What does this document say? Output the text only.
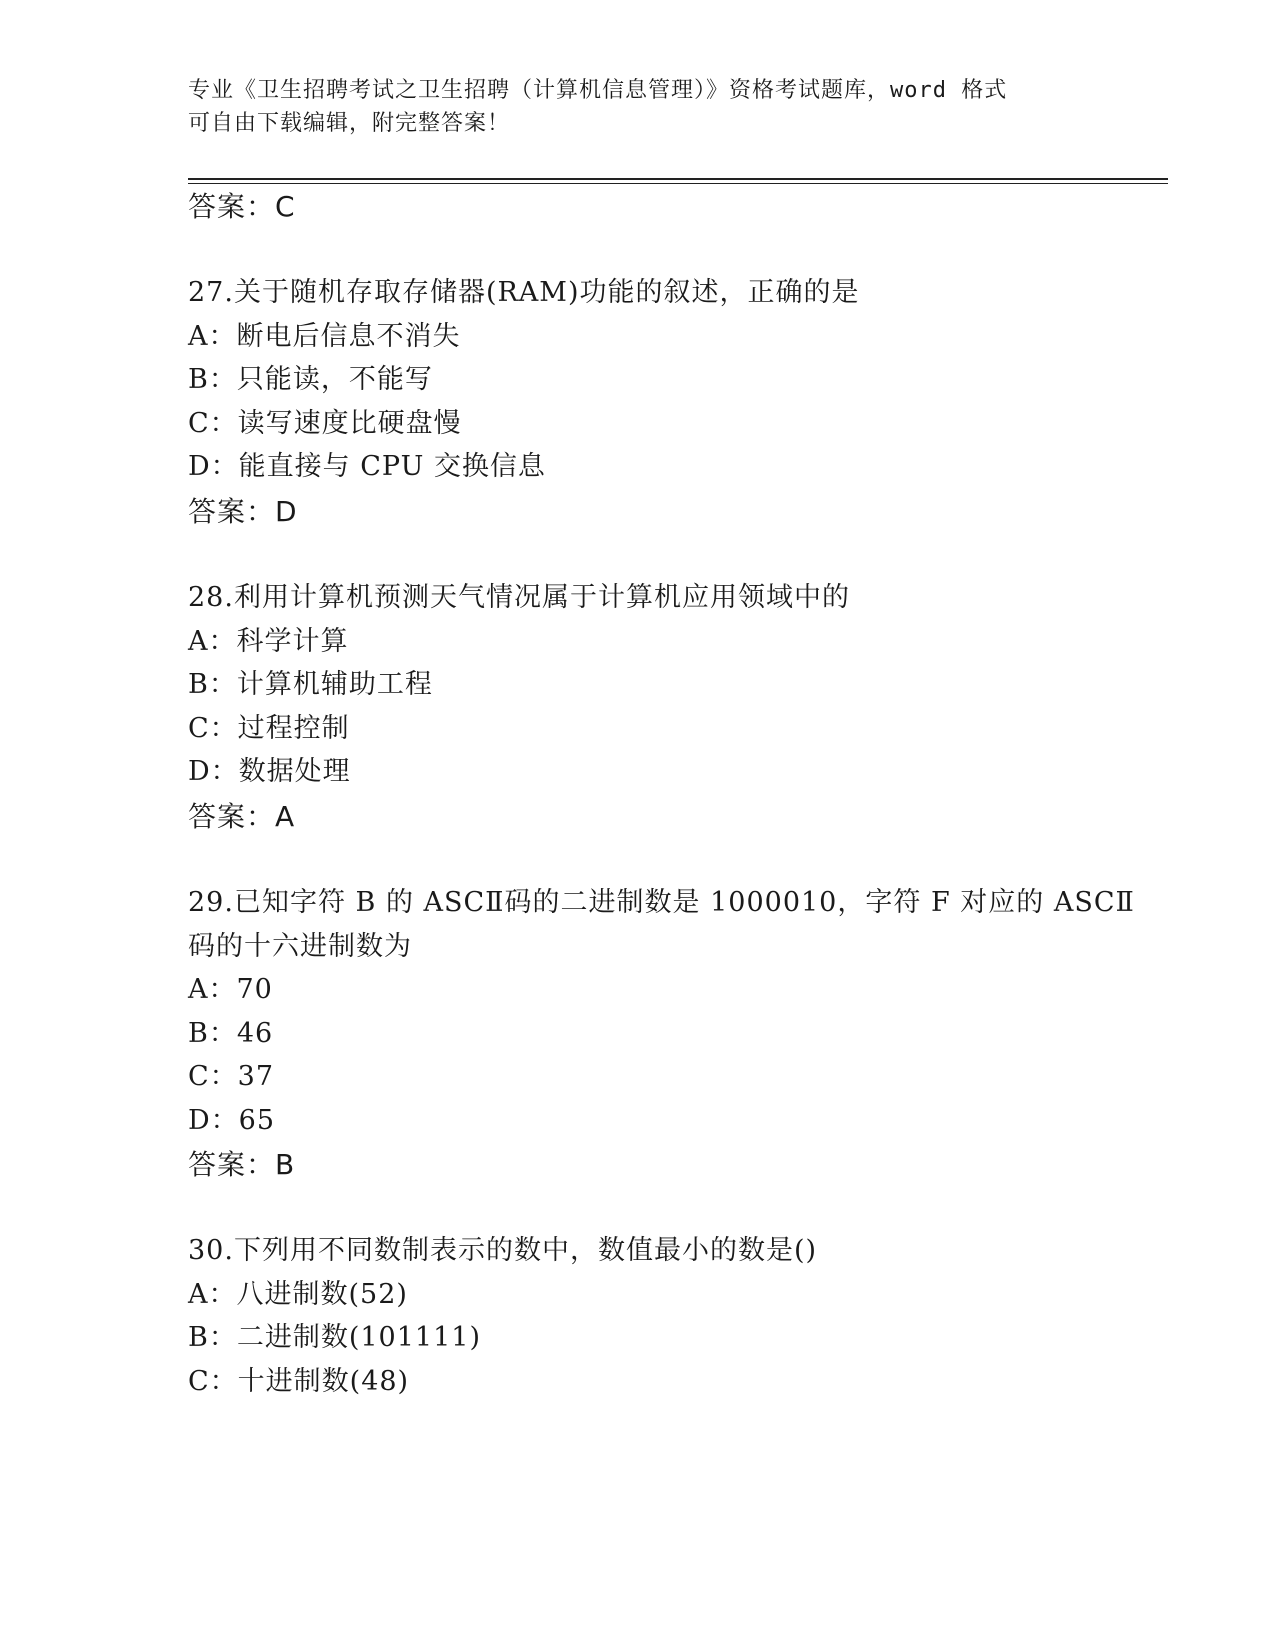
专业《卫生招聘考试之卫生招聘（计算机信息管理）》资格考试题库，word 格式
可自由下载编辑，附完整答案！
答案：C
27.关于随机存取存储器(RAM)功能的叙述，正确的是
A：断电后信息不消失
B：只能读，不能写
C：读写速度比硬盘慢
D：能直接与 CPU 交换信息
答案：D
28.利用计算机预测天气情况属于计算机应用领域中的
A：科学计算
B：计算机辅助工程
C：过程控制
D：数据处理
答案：A
29.已知字符 B 的 ASCⅡ码的二进制数是 1000010，字符 F 对应的 ASCⅡ
码的十六进制数为
A：70
B：46
C：37
D：65
答案：B
30.下列用不同数制表示的数中，数值最小的数是()
A：八进制数(52)
B：二进制数(101111)
C：十进制数(48)
